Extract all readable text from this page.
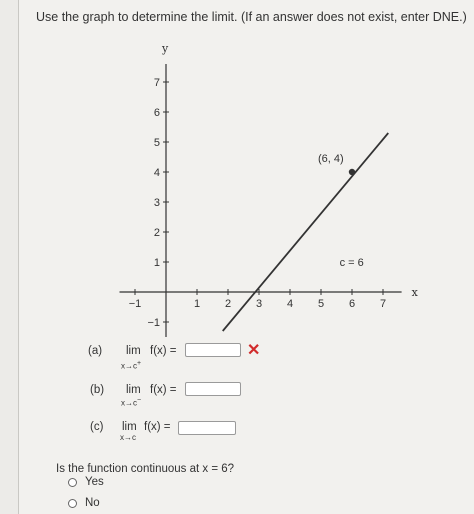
Use the graph to determine the limit. (If an answer does not exist, enter DNE.)
x
y
−1	1 2 3 4 5 6 7
−1
1
2
3
4
5
6
7
(6, 4)
c = 6
(a) lim
x→c+
f(x) =	✕
(b) lim
x→c−
f(x) =
(c) lim
x→c
f(x) =
Is the function continuous at x = 6?
Yes
No
